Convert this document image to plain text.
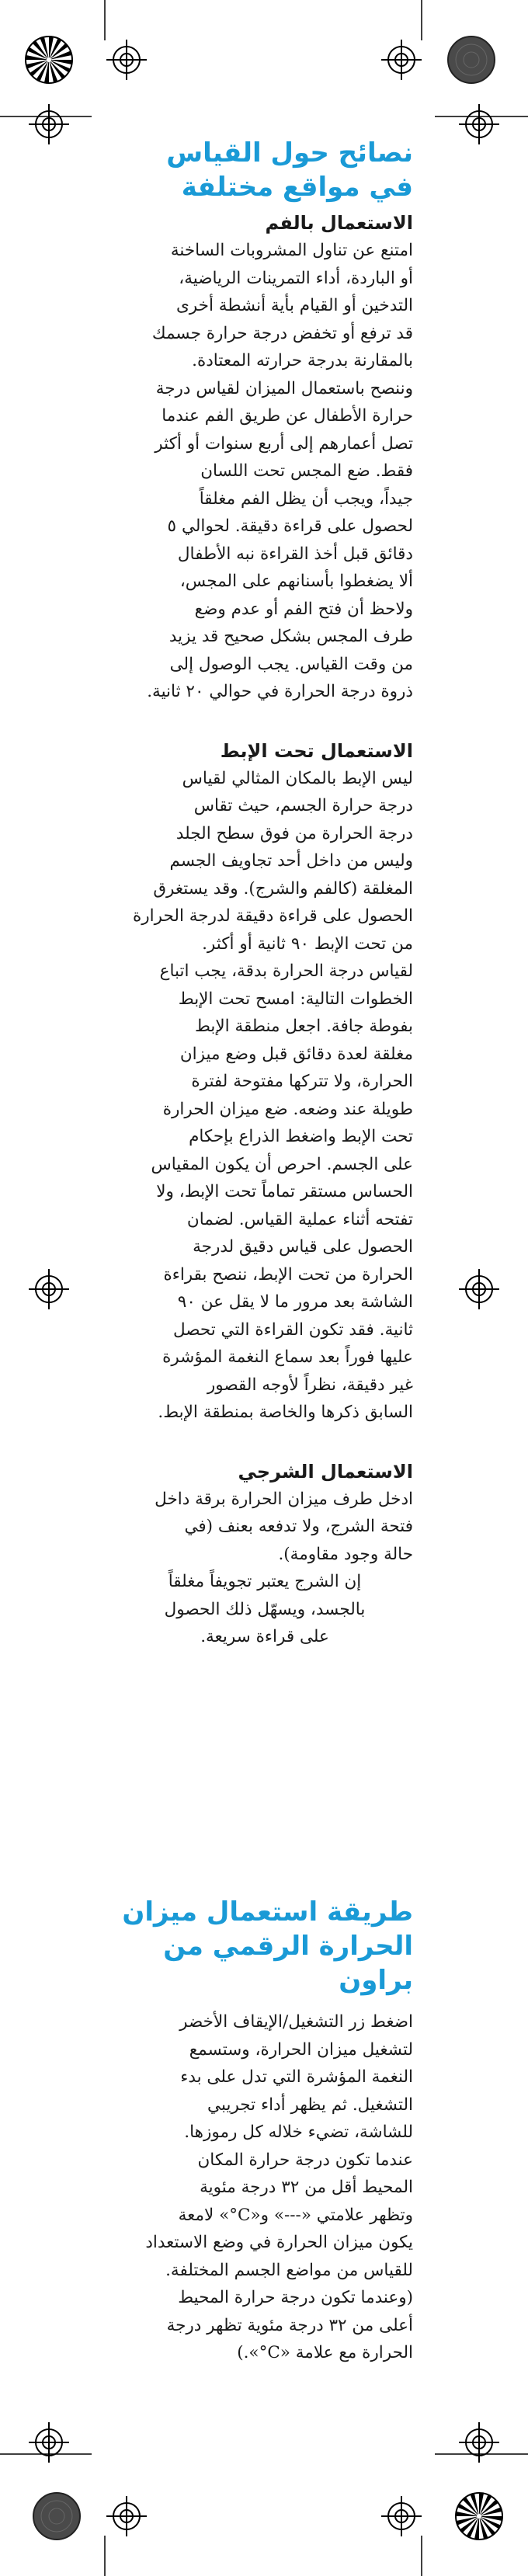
نصائح حول القياس
في مواقع مختلفة
الاستعمال بالفم

امتنع عن تناول المشروبات الساخنة
أو الباردة، أداء التمرينات الرياضية،
التدخين أو القيام بأية أنشطة أخرى
قد ترفع أو تخفض درجة حرارة جسمك
بالمقارنة بدرجة حرارته المعتادة.
وننصح باستعمال الميزان لقياس درجة
حرارة الأطفال عن طريق الفم عندما
تصل أعمارهم إلى أربع سنوات أو أكثر
فقط. ضع المجس تحت اللسان
جيداً، ويجب أن يظل الفم مغلقاً
لحصول على قراءة دقيقة. لحوالي ٥
دقائق قبل أخذ القراءة نبه الأطفال
ألا يضغطوا بأسنانهم على المجس،
ولاحظ أن فتح الفم أو عدم وضع
طرف المجس بشكل صحيح قد يزيد
من وقت القياس. يجب الوصول إلى
ذروة درجة الحرارة في حوالي ٢٠ ثانية.

الاستعمال تحت الإبط

ليس الإبط بالمكان المثالي لقياس
درجة حرارة الجسم، حيث تقاس
درجة الحرارة من فوق سطح الجلد
وليس من داخل أحد تجاويف الجسم
المغلقة (كالفم والشرج). وقد يستغرق
الحصول على قراءة دقيقة لدرجة الحرارة
من تحت الإبط ٩٠ ثانية أو أكثر.
لقياس درجة الحرارة بدقة، يجب اتباع
الخطوات التالية: امسح تحت الإبط
بفوطة جافة. اجعل منطقة الإبط
مغلقة لعدة دقائق قبل وضع ميزان
الحرارة، ولا تتركها مفتوحة لفترة
طويلة عند وضعه. ضع ميزان الحرارة
تحت الإبط واضغط الذراع بإحكام
على الجسم. احرص أن يكون المقياس
الحساس مستقر تماماً تحت الإبط، ولا
تفتحه أثناء عملية القياس. لضمان
الحصول على قياس دقيق لدرجة
الحرارة من تحت الإبط، ننصح بقراءة
الشاشة بعد مرور ما لا يقل عن ٩٠
ثانية. فقد تكون القراءة التي تحصل
عليها فوراً بعد سماع النغمة المؤشرة
غير دقيقة، نظراً لأوجه القصور
السابق ذكرها والخاصة بمنطقة الإبط.

الاستعمال الشرجي

ادخل طرف ميزان الحرارة برقة داخل
فتحة الشرج، ولا تدفعه بعنف (في
حالة وجود مقاومة).

إن الشرج يعتبر تجويفاً مغلقاً
بالجسد، ويسهّل ذلك الحصول
على قراءة سريعة.

طريقة استعمال ميزان
الحرارة الرقمي من براون

اضغط زر التشغيل/الإيقاف الأخضر
لتشغيل ميزان الحرارة، وستسمع
النغمة المؤشرة التي تدل على بدء
التشغيل. ثم يظهر أداء تجريبي
للشاشة، تضيء خلاله كل رموزها.
عندما تكون درجة حرارة المكان
المحيط أقل من ٣٢ درجة مئوية
وتظهر علامتي «---» و«C°» لامعة
يكون ميزان الحرارة في وضع الاستعداد
للقياس من مواضع الجسم المختلفة.
(وعندما تكون درجة حرارة المحيط
أعلى من ٣٢ درجة مئوية تظهر درجة
الحرارة مع علامة «C°».)
